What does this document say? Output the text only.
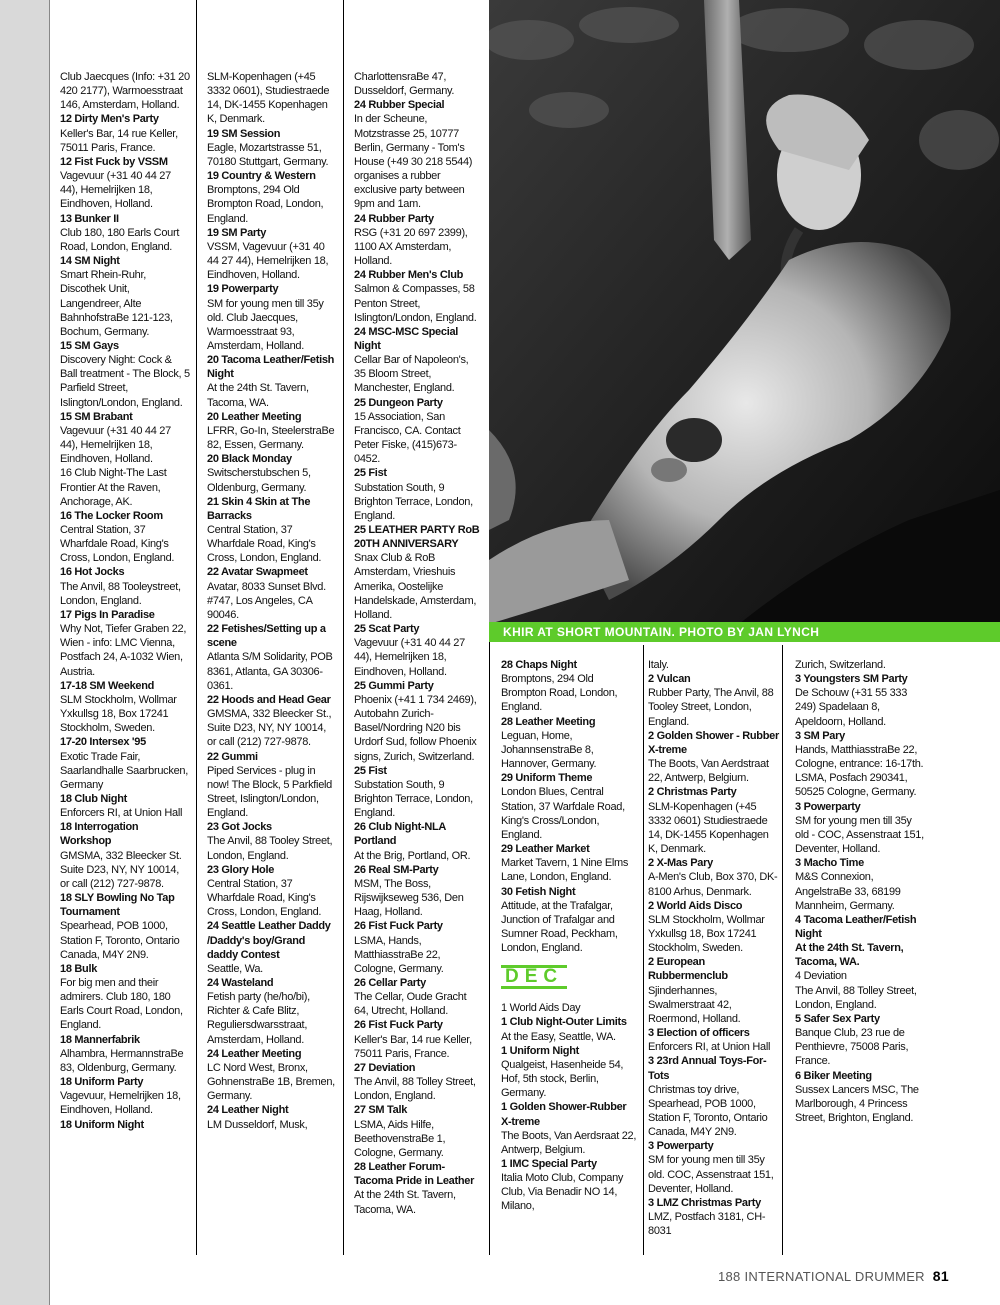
Club Jaecques (Info: +31 20 420 2177), Warmoesstraat 146, Amsterdam, Holland.
12 Dirty Men's Party
Keller's Bar, 14 rue Keller, 75011 Paris, France.
12 Fist Fuck by VSSM
Vagevuur (+31 40 44 27 44), Hemelrijken 18, Eindhoven, Holland.
13 Bunker II
Club 180, 180 Earls Court Road, London, England.
14 SM Night
Smart Rhein-Ruhr, Discothek Unit, Langendreer, Alte BahnhofstraBe 121-123, Bochum, Germany.
15 SM Gays
Discovery Night: Cock & Ball treatment - The Block, 5 Parfield Street, Islington/London, England.
15 SM Brabant
Vagevuur (+31 40 44 27 44), Hemelrijken 18, Eindhoven, Holland.
16 Club Night-The Last Frontier At the Raven, Anchorage, AK.
16 The Locker Room
Central Station, 37 Wharfdale Road, King's Cross, London, England.
16 Hot Jocks
The Anvil, 88 Tooleystreet, London, England.
17 Pigs In Paradise
Why Not, Tiefer Graben 22, Wien - info: LMC Vienna, Postfach 24, A-1032 Wien, Austria.
17-18 SM Weekend
SLM Stockholm, Wollmar Yxkullsg 18, Box 17241 Stockholm, Sweden.
17-20 Intersex '95
Exotic Trade Fair, Saarlandhalle Saarbrucken, Germany
18 Club Night
Enforcers RI, at Union Hall
18 Interrogation Workshop
GMSMA, 332 Bleecker St. Suite D23, NY, NY 10014, or call (212) 727-9878.
18 SLY Bowling No Tap Tournament
Spearhead, POB 1000, Station F, Toronto, Ontario Canada, M4Y 2N9.
18 Bulk
For big men and their admirers. Club 180, 180 Earls Court Road, London, England.
18 Mannerfabrik
Alhambra, HermannstraBe 83, Oldenburg, Germany.
18 Uniform Party
Vagevuur, Hemelrijken 18, Eindhoven, Holland.
18 Uniform Night
SLM-Kopenhagen (+45 3332 0601), Studiestraede 14, DK-1455 Kopenhagen K, Denmark.
19 SM Session
Eagle, Mozartstrasse 51, 70180 Stuttgart, Germany.
19 Country & Western
Bromptons, 294 Old Brompton Road, London, England.
19 SM Party
VSSM, Vagevuur (+31 40 44 27 44), Hemelrijken 18, Eindhoven, Holland.
19 Powerparty
SM for young men till 35y old. Club Jaecques, Warmoesstraat 93, Amsterdam, Holland.
20 Tacoma Leather/Fetish Night
At the 24th St. Tavern, Tacoma, WA.
20 Leather Meeting
LFRR, Go-In, SteelerstraBe 82, Essen, Germany.
20 Black Monday
Switscherstubschen 5, Oldenburg, Germany.
21 Skin 4 Skin at The Barracks
Central Station, 37 Wharfdale Road, King's Cross, London, England.
22 Avatar Swapmeet
Avatar, 8033 Sunset Blvd. #747, Los Angeles, CA 90046.
22 Fetishes/Setting up a scene
Atlanta S/M Solidarity, POB 8361, Atlanta, GA 30306-0361.
22 Hoods and Head Gear
GMSMA, 332 Bleecker St., Suite D23, NY, NY 10014, or call (212) 727-9878.
22 Gummi
Piped Services - plug in now! The Block, 5 Parkfield Street, Islington/London, England.
23 Got Jocks
The Anvil, 88 Tooley Street, London, England.
23 Glory Hole
Central Station, 37 Wharfdale Road, King's Cross, London, England.
24 Seattle Leather Daddy /Daddy's boy/Grand daddy Contest
Seattle, Wa.
24 Wasteland
Fetish party (he/ho/bi), Richter & Cafe Blitz, Reguliersdwarsstraat, Amsterdam, Holland.
24 Leather Meeting
LC Nord West, Bronx, GohnenstraBe 1B, Bremen, Germany.
24 Leather Night
LM Dusseldorf, Musk,
CharlottensraBe 47, Dusseldorf, Germany.
24 Rubber Special
In der Scheune, Motzstrasse 25, 10777 Berlin, Germany - Tom's House (+49 30 218 5544) organises a rubber exclusive party between 9pm and 1am.
24 Rubber Party
RSG (+31 20 697 2399), 1100 AX Amsterdam, Holland.
24 Rubber Men's Club
Salmon & Compasses, 58 Penton Street, Islington/London, England.
24 MSC-MSC Special Night
Cellar Bar of Napoleon's, 35 Bloom Street, Manchester, England.
25 Dungeon Party
15 Association, San Francisco, CA. Contact Peter Fiske, (415)673-0452.
25 Fist
Substation South, 9 Brighton Terrace, London, England.
25 LEATHER PARTY RoB 20TH ANNIVERSARY
Snax Club & RoB Amsterdam, Vrieshuis Amerika, Oostelijke Handelskade, Amsterdam, Holland.
25 Scat Party
Vagevuur (+31 40 44 27 44), Hemelrijken 18, Eindhoven, Holland.
25 Gummi Party
Phoenix (+41 1 734 2469), Autobahn Zurich-Basel/Nordring N20 bis Urdorf Sud, follow Phoenix signs, Zurich, Switzerland.
25 Fist
Substation South, 9 Brighton Terrace, London, England.
26 Club Night-NLA Portland
At the Brig, Portland, OR.
26 Real SM-Party
MSM, The Boss, Rijswijkseweg 536, Den Haag, Holland.
26 Fist Fuck Party
LSMA, Hands, MatthiasstraBe 22, Cologne, Germany.
26 Cellar Party
The Cellar, Oude Gracht 64, Utrecht, Holland.
26 Fist Fuck Party
Keller's Bar, 14 rue Keller, 75011 Paris, France.
27 Deviation
The Anvil, 88 Tolley Street, London, England.
27 SM Talk
LSMA, Aids Hilfe, BeethovenstraBe 1, Cologne, Germany.
28 Leather Forum-Tacoma Pride in Leather
At the 24th St. Tavern, Tacoma, WA.
KHIR AT SHORT MOUNTAIN. PHOTO BY JAN LYNCH
28 Chaps Night
Bromptons, 294 Old Brompton Road, London, England.
28 Leather Meeting
Leguan, Home, JohannsenstraBe 8, Hannover, Germany.
29 Uniform Theme
London Blues, Central Station, 37 Warfdale Road, King's Cross/London, England.
29 Leather Market
Market Tavern, 1 Nine Elms Lane, London, England.
30 Fetish Night
Attitude, at the Trafalgar, Junction of Trafalgar and Sumner Road, Peckham, London, England.
DEC
1 World Aids Day
1 Club Night-Outer Limits
At the Easy, Seattle, WA.
1 Uniform Night
Qualgeist, Hasenheide 54, Hof, 5th stock, Berlin, Germany.
1 Golden Shower-Rubber X-treme
The Boots, Van Aerdsraat 22, Antwerp, Belgium.
1 IMC Special Party
Italia Moto Club, Company Club, Via Benadir NO 14, Milano,
Italy.
2 Vulcan
Rubber Party, The Anvil, 88 Tooley Street, London, England.
2 Golden Shower - Rubber X-treme
The Boots, Van Aerdstraat 22, Antwerp, Belgium.
2 Christmas Party
SLM-Kopenhagen (+45 3332 0601) Studiestraede 14, DK-1455 Kopenhagen K, Denmark.
2 X-Mas Pary
A-Men's Club, Box 370, DK-8100 Arhus, Denmark.
2 World Aids Disco
SLM Stockholm, Wollmar Yxkullsg 18, Box 17241 Stockholm, Sweden.
2 European Rubbermenclub
Sjinderhannes, Swalmerstraat 42, Roermond, Holland.
3 Election of officers
Enforcers RI, at Union Hall
3 23rd Annual Toys-For-Tots
Christmas toy drive, Spearhead, POB 1000, Station F, Toronto, Ontario Canada, M4Y 2N9.
3 Powerparty
SM for young men till 35y old. COC, Assenstraat 151, Deventer, Holland.
3 LMZ Christmas Party
LMZ, Postfach 3181, CH-8031
Zurich, Switzerland.
3 Youngsters SM Party
De Schouw (+31 55 333 249) Spadelaan 8, Apeldoorn, Holland.
3 SM Pary
Hands, MatthiasstraBe 22, Cologne, entrance: 16-17th. LSMA, Posfach 290341, 50525 Cologne, Germany.
3 Powerparty
SM for young men till 35y old - COC, Assenstraat 151, Deventer, Holland.
3 Macho Time
M&S Connexion, AngelstraBe 33, 68199 Mannheim, Germany.
4 Tacoma Leather/Fetish Night
At the 24th St. Tavern, Tacoma, WA.
4 Deviation
The Anvil, 88 Tolley Street, London, England.
5 Safer Sex Party
Banque Club, 23 rue de Penthievre, 75008 Paris, France.
6 Biker Meeting
Sussex Lancers MSC, The Marlborough, 4 Princess Street, Brighton, England.
188 INTERNATIONAL DRUMMER 81
